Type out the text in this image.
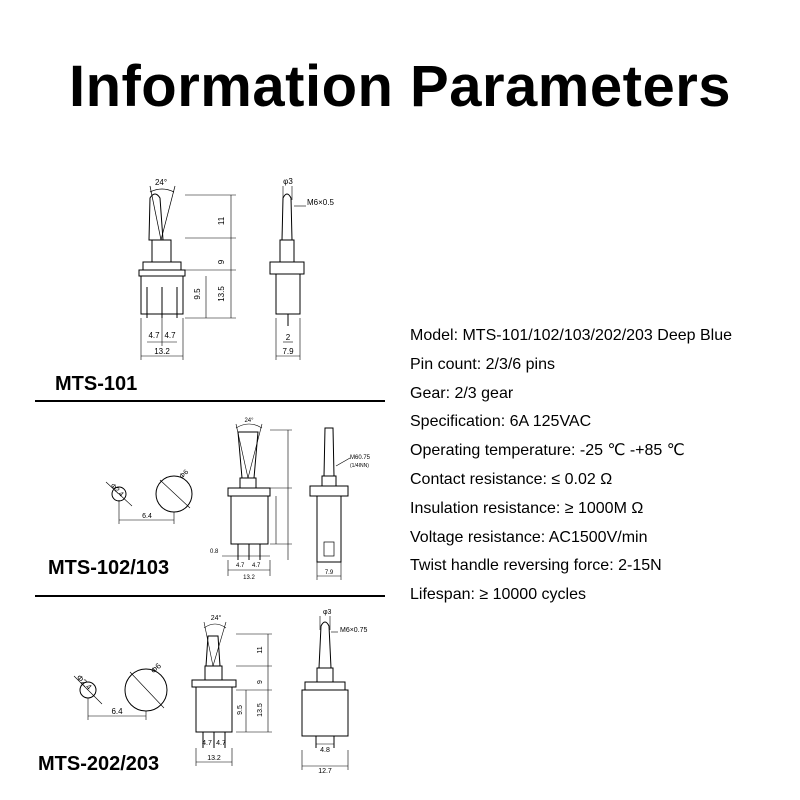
Information Parameters
24°
11
9
9.5 13.5
4.7 4.7
13.2
φ3
M6×0.5
2
7.9
MTS-101
Φ2.4
Φ6
6.4
24°
0.8
4.7 4.7
13.2
M60.75
(1/4INN)
7.9
MTS-102/103
Φ2.4
Φ6
6.4
24°
11
9
9.5 13.5
4.7 4.7
13.2
φ3
M6×0.75
4.8
12.7
MTS-202/203
Model: MTS-101/102/103/202/203 Deep Blue
Pin count: 2/3/6 pins
Gear: 2/3 gear
Specification: 6A 125VAC
Operating temperature: -25 ℃ -+85 ℃
Contact resistance: ≤ 0.02 Ω
Insulation resistance: ≥ 1000M Ω
Voltage resistance: AC1500V/min
Twist handle reversing force: 2-15N
Lifespan: ≥ 10000 cycles
